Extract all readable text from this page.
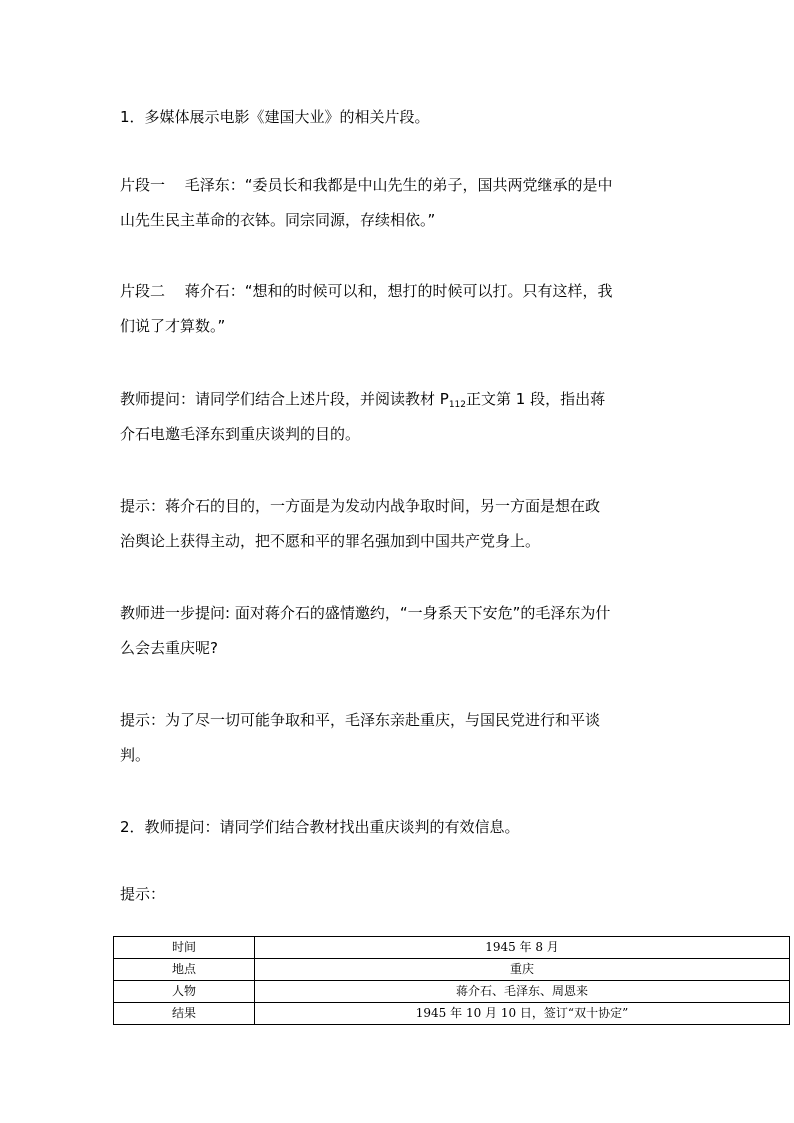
1．多媒体展示电影《建国大业》的相关片段。

片段一　 毛泽东：“委员长和我都是中山先生的弟子，国共两党继承的是中
山先生民主革命的衣钵。同宗同源，存续相依。”

片段二　 蒋介石：“想和的时候可以和，想打的时候可以打。只有这样，我
们说了才算数。”

教师提问：请同学们结合上述片段，并阅读教材 $P_{112}$正文第 1 段，指出蒋
介石电邀毛泽东到重庆谈判的目的。

提示：蒋介石的目的，一方面是为发动内战争取时间，另一方面是想在政
治舆论上获得主动，把不愿和平的罪名强加到中国共产党身上。

教师进一步提问: 面对蒋介石的盛情邀约，“一身系天下安危”的毛泽东为什
么会去重庆呢?

提示：为了尽一切可能争取和平，毛泽东亲赴重庆，与国民党进行和平谈
判。

2．教师提问：请同学们结合教材找出重庆谈判的有效信息。

提示：

时间	1945 年 8 月
地点	重庆
人物	蒋介石、毛泽东、周恩来
结果	1945 年 10 月 10 日，签订“双十协定”
